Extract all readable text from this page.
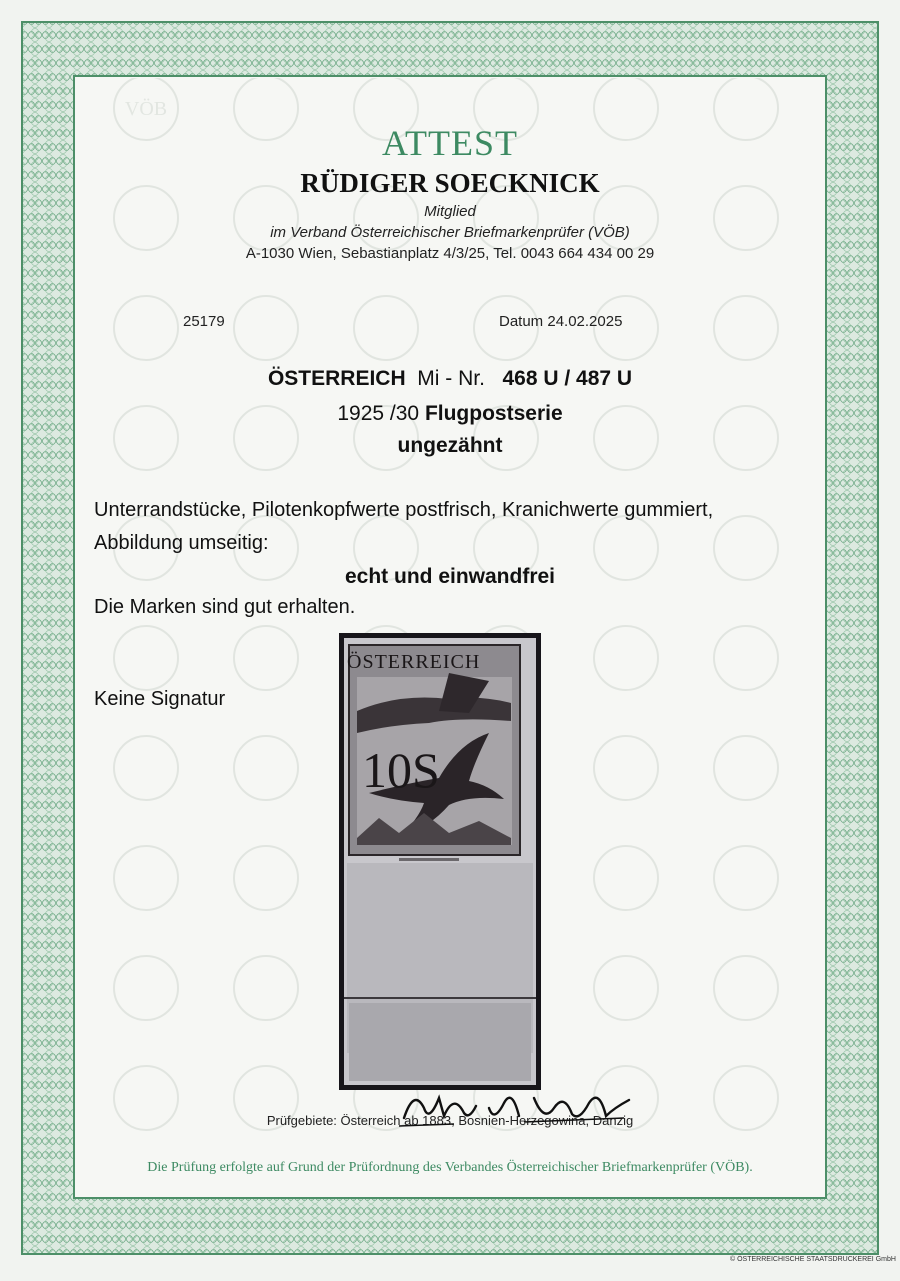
VÖB
ATTEST
RÜDIGER SOECKNICK
Mitglied
im Verband Österreichischer Briefmarkenprüfer (VÖB)
A-1030 Wien, Sebastianplatz 4/3/25, Tel. 0043 664 434 00 29
25179	Datum 24.02.2025
ÖSTERREICH Mi - Nr. 468 U / 487 U
1925 /30 Flugpostserie
ungezähnt
Unterrandstücke, Pilotenkopfwerte postfrisch, Kranichwerte gummiert,
Abbildung umseitig:
echt und einwandfrei
Die Marken sind gut erhalten.
Keine Signatur
ÖSTERREICH
10S
Prüfgebiete: Österreich ab 1883, Bosnien-Herzegowina, Danzig
Die Prüfung erfolgte auf Grund der Prüfordnung des Verbandes Österreichischer Briefmarkenprüfer (VÖB).
© ÖSTERREICHISCHE STAATSDRUCKEREI GmbH
